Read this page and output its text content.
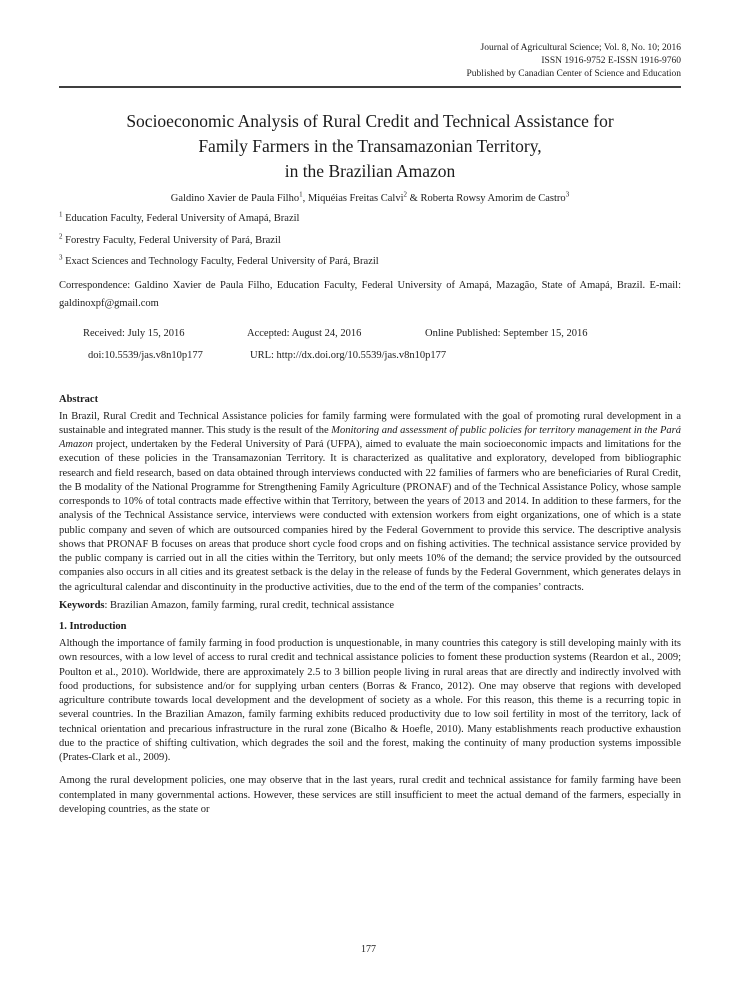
Journal of Agricultural Science; Vol. 8, No. 10; 2016
ISSN 1916-9752 E-ISSN 1916-9760
Published by Canadian Center of Science and Education
Socioeconomic Analysis of Rural Credit and Technical Assistance for
Family Farmers in the Transamazonian Territory,
in the Brazilian Amazon

Galdino Xavier de Paula Filho$^1$, Miquéias Freitas Calvi$^2$ & Roberta Rowsy Amorim de Castro$^3$

$^1$ Education Faculty, Federal University of Amapá, Brazil

$^2$ Forestry Faculty, Federal University of Pará, Brazil

$^3$ Exact Sciences and Technology Faculty, Federal University of Pará, Brazil

Correspondence: Galdino Xavier de Paula Filho, Education Faculty, Federal University of Amapá, Mazagão, State of Amapá, Brazil. E-mail: galdinoxpf@gmail.com

Received: July 15, 2016	Accepted: August 24, 2016	Online Published: September 15, 2016
doi:10.5539/jas.v8n10p177	URL: http://dx.doi.org/10.5539/jas.v8n10p177
Abstract

In Brazil, Rural Credit and Technical Assistance policies for family farming were formulated with the goal of promoting rural development in a sustainable and integrated manner. This study is the result of the Monitoring and assessment of public policies for territory management in the Pará Amazon project, undertaken by the Federal University of Pará (UFPA), aimed to evaluate the main socioeconomic impacts and limitations for the execution of these policies in the Transamazonian Territory. It is characterized as qualitative and exploratory, developed from bibliographic research and field research, based on data obtained through interviews conducted with 22 families of farmers who are beneficiaries of Rural Credit, the B modality of the National Programme for Strengthening Family Agriculture (PRONAF) and of the Technical Assistance Policy, whose sample corresponds to 10% of total contracts made effective within that Territory, between the years of 2013 and 2014. In addition to these farmers, for the analysis of the Technical Assistance service, interviews were conducted with extension workers from eight organizations, one of which is a state public company and seven of which are outsourced companies hired by the Federal Government to provide this service. The descriptive analysis shows that PRONAF B focuses on areas that produce short cycle food crops and on fishing activities. The technical assistance service provided by the public company is carried out in all the cities within the Territory, but only meets 10% of the demand; the service provided by the outsourced companies also occurs in all cities and its greatest setback is the delay in the release of funds by the Federal Government, which generates delays in the agricultural calendar and discontinuity in the productive activities, due to the end of the term of the companies’ contracts.

Keywords: Brazilian Amazon, family farming, rural credit, technical assistance

1. Introduction

Although the importance of family farming in food production is unquestionable, in many countries this category is still developing mainly with its own resources, with a low level of access to rural credit and technical assistance policies to foment these production systems (Reardon et al., 2009; Poulton et al., 2010). Worldwide, there are approximately 2.5 to 3 billion people living in rural areas that are directly and indirectly involved with food productions, for subsistence and/or for supplying urban centers (Borras & Franco, 2012). One may observe that regions with developed agriculture contribute towards local development and the development of society as a whole. For this reason, this theme is a recurring topic in several countries. In the Brazilian Amazon, family farming exhibits reduced productivity due to low soil fertility in most of the territory, lack of technical orientation and precarious infrastructure in the rural zone (Bicalho & Hoefle, 2010). Many establishments reach productive exhaustion due to the practice of shifting cultivation, which degrades the soil and the forest, making the continuity of many production systems impossible (Prates-Clark et al., 2009).

Among the rural development policies, one may observe that in the last years, rural credit and technical assistance for family farming have been contemplated in many governmental actions. However, these services are still insufficient to meet the actual demand of the farmers, especially in developing countries, as the state or

177
